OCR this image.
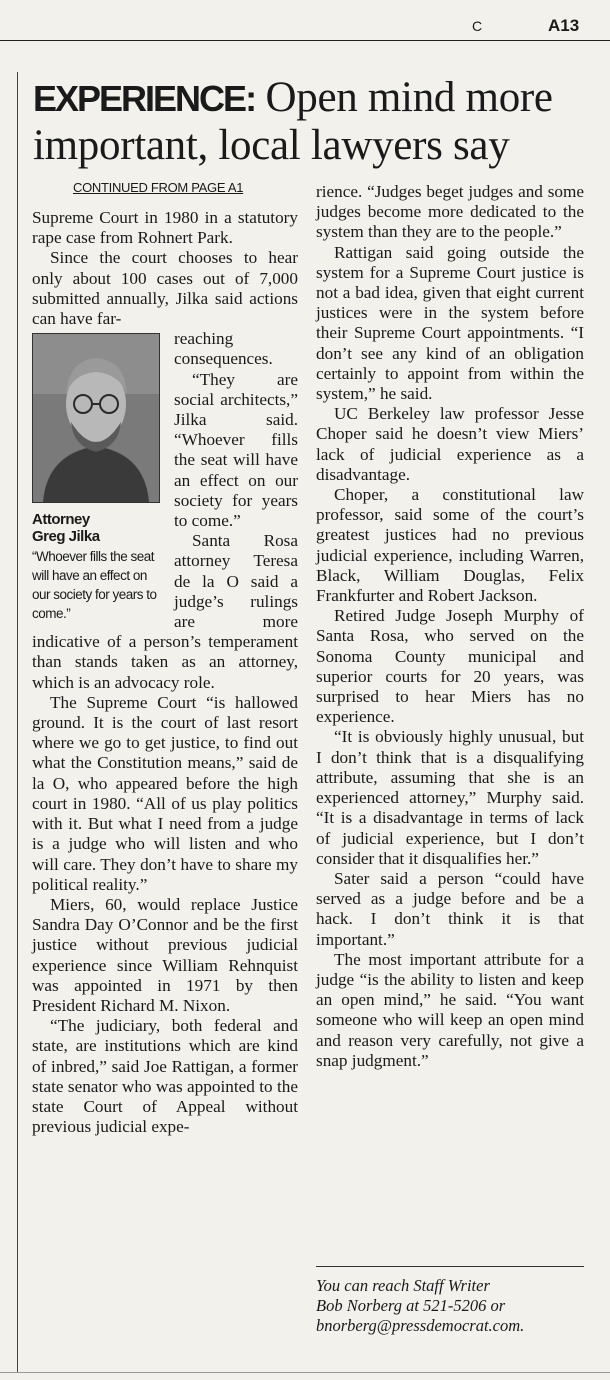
C	A13
EXPERIENCE: Open mind more
important, local lawyers say
CONTINUED FROM PAGE A1

Supreme Court in 1980 in a statutory rape case from Rohnert Park.

Since the court chooses to hear only about 100 cases out of 7,000 submitted annually, Jilka said actions can have far-

Attorney
Greg Jilka
“Whoever fills the seat will have an effect on our society for years to come.”

reaching consequences.

“They are social architects,” Jilka said. “Whoever fills the seat will have an effect on our society for years to come.”

Santa Rosa attorney Teresa de la O said a judge’s rulings are more indicative of a person’s temperament than stands taken as an attorney, which is an advocacy role.

The Supreme Court “is hallowed ground. It is the court of last resort where we go to get justice, to find out what the Constitution means,” said de la O, who appeared before the high court in 1980. “All of us play politics with it. But what I need from a judge is a judge who will listen and who will care. They don’t have to share my political reality.”

Miers, 60, would replace Justice Sandra Day O’Connor and be the first justice without previous judicial experience since William Rehnquist was appointed in 1971 by then President Richard M. Nixon.

“The judiciary, both federal and state, are institutions which are kind of inbred,” said Joe Rattigan, a former state senator who was appointed to the state Court of Appeal without previous judicial expe-

rience. “Judges beget judges and some judges become more dedicated to the system than they are to the people.”

Rattigan said going outside the system for a Supreme Court justice is not a bad idea, given that eight current justices were in the system before their Supreme Court appointments. “I don’t see any kind of an obligation certainly to appoint from within the system,” he said.

UC Berkeley law professor Jesse Choper said he doesn’t view Miers’ lack of judicial experience as a disadvantage.

Choper, a constitutional law professor, said some of the court’s greatest justices had no previous judicial experience, including Warren, Black, William Douglas, Felix Frankfurter and Robert Jackson.

Retired Judge Joseph Murphy of Santa Rosa, who served on the Sonoma County municipal and superior courts for 20 years, was surprised to hear Miers has no experience.

“It is obviously highly unusual, but I don’t think that is a disqualifying attribute, assuming that she is an experienced attorney,” Murphy said. “It is a disadvantage in terms of lack of judicial experience, but I don’t consider that it disqualifies her.”

Sater said a person “could have served as a judge before and be a hack. I don’t think it is that important.”

The most important attribute for a judge “is the ability to listen and keep an open mind,” he said. “You want someone who will keep an open mind and reason very carefully, not give a snap judgment.”

You can reach Staff Writer
Bob Norberg at 521-5206 or
bnorberg@pressdemocrat.com.
